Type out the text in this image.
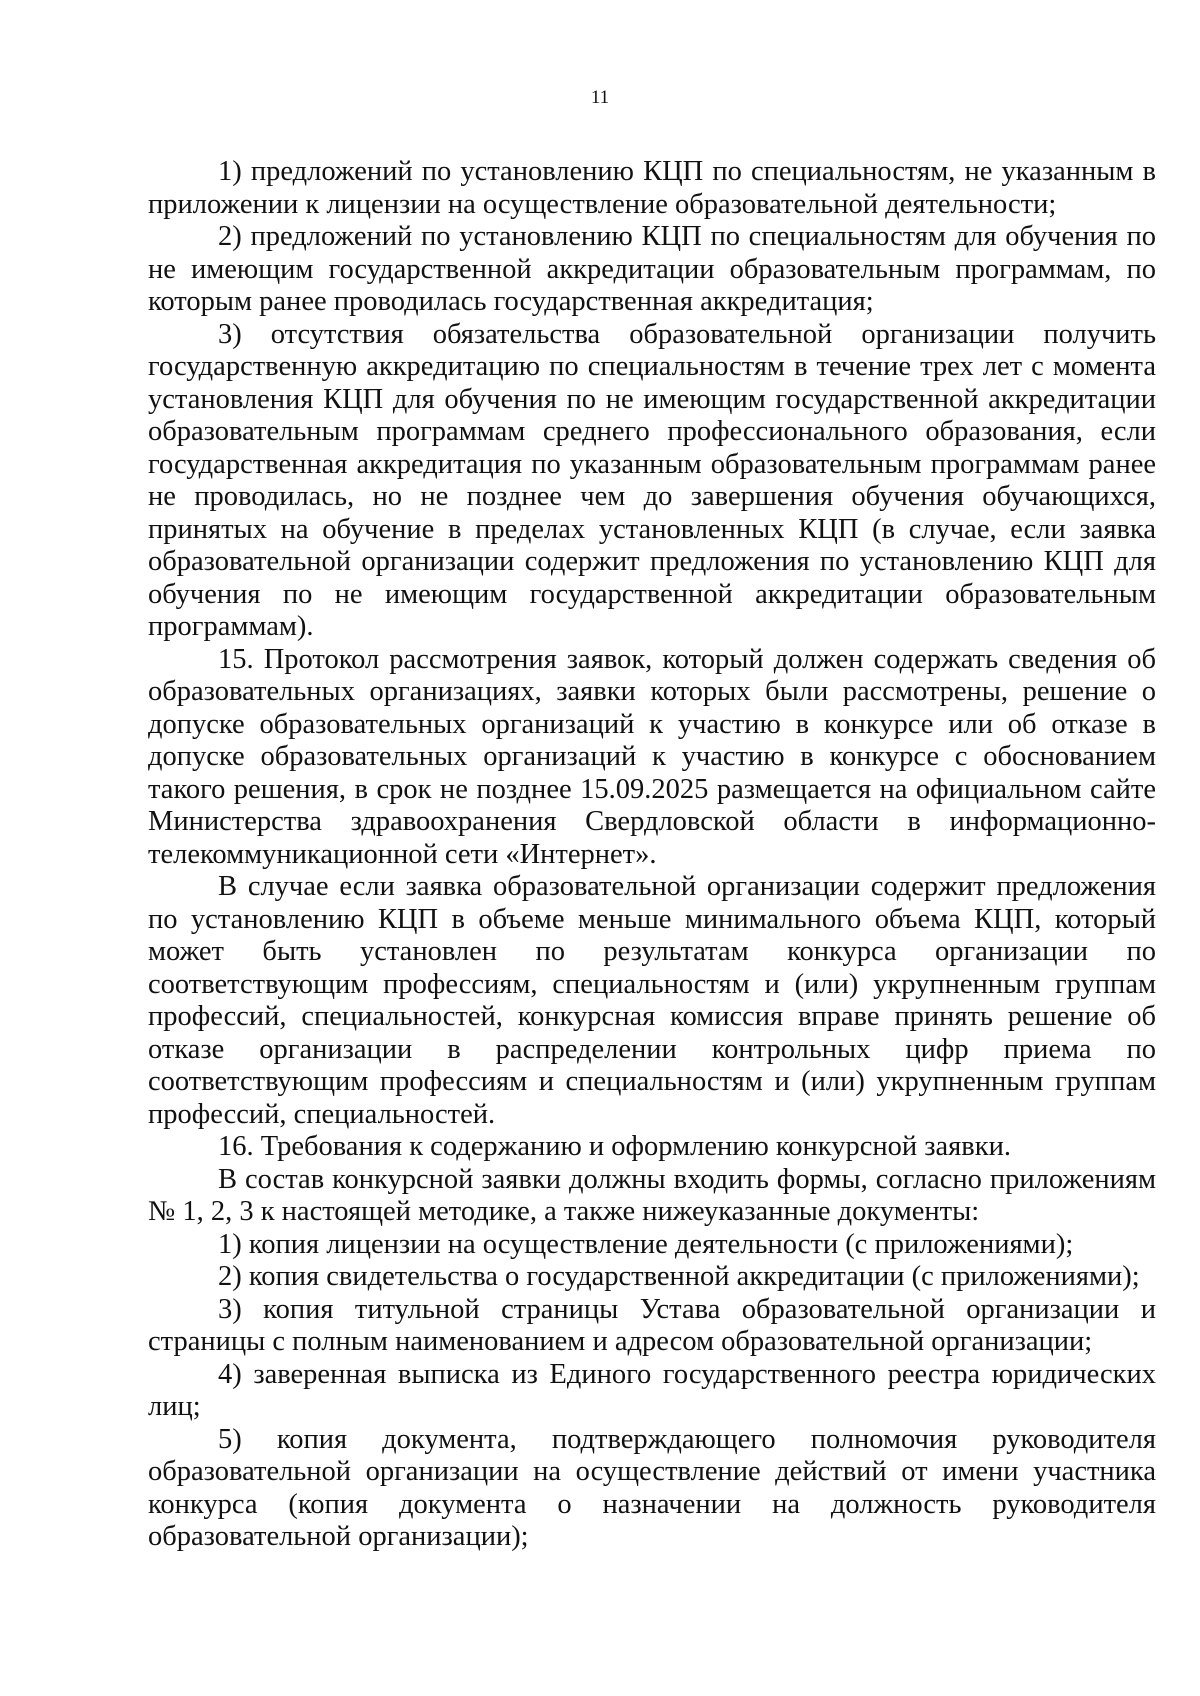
11

1) предложений по установлению КЦП по специальностям, не указанным в приложении к лицензии на осуществление образовательной деятельности;

2) предложений по установлению КЦП по специальностям для обучения по не имеющим государственной аккредитации образовательным программам, по которым ранее проводилась государственная аккредитация;

3) отсутствия обязательства образовательной организации получить государственную аккредитацию по специальностям в течение трех лет с момента установления КЦП для обучения по не имеющим государственной аккредитации образовательным программам среднего профессионального образования, если государственная аккредитация по указанным образовательным программам ранее не проводилась, но не позднее чем до завершения обучения обучающихся, принятых на обучение в пределах установленных КЦП (в случае, если заявка образовательной организации содержит предложения по установлению КЦП для обучения по не имеющим государственной аккредитации образовательным программам).

15. Протокол рассмотрения заявок, который должен содержать сведения об образовательных организациях, заявки которых были рассмотрены, решение о допуске образовательных организаций к участию в конкурсе или об отказе в допуске образовательных организаций к участию в конкурсе с обоснованием такого решения, в срок не позднее 15.09.2025 размещается на официальном сайте Министерства здравоохранения Свердловской области в информационно-телекоммуникационной сети «Интернет».

В случае если заявка образовательной организации содержит предложения по установлению КЦП в объеме меньше минимального объема КЦП, который может быть установлен по результатам конкурса организации по соответствующим профессиям, специальностям и (или) укрупненным группам профессий, специальностей, конкурсная комиссия вправе принять решение об отказе организации в распределении контрольных цифр приема по соответствующим профессиям и специальностям и (или) укрупненным группам профессий, специальностей.

16. Требования к содержанию и оформлению конкурсной заявки.

В состав конкурсной заявки должны входить формы, согласно приложениям № 1, 2, 3 к настоящей методике, а также нижеуказанные документы:

1) копия лицензии на осуществление деятельности (с приложениями);

2) копия свидетельства о государственной аккредитации (с приложениями);

3) копия титульной страницы Устава образовательной организации и страницы с полным наименованием и адресом образовательной организации;

4) заверенная выписка из Единого государственного реестра юридических лиц;

5) копия документа, подтверждающего полномочия руководителя образовательной организации на осуществление действий от имени участника конкурса (копия документа о назначении на должность руководителя образовательной организации);
